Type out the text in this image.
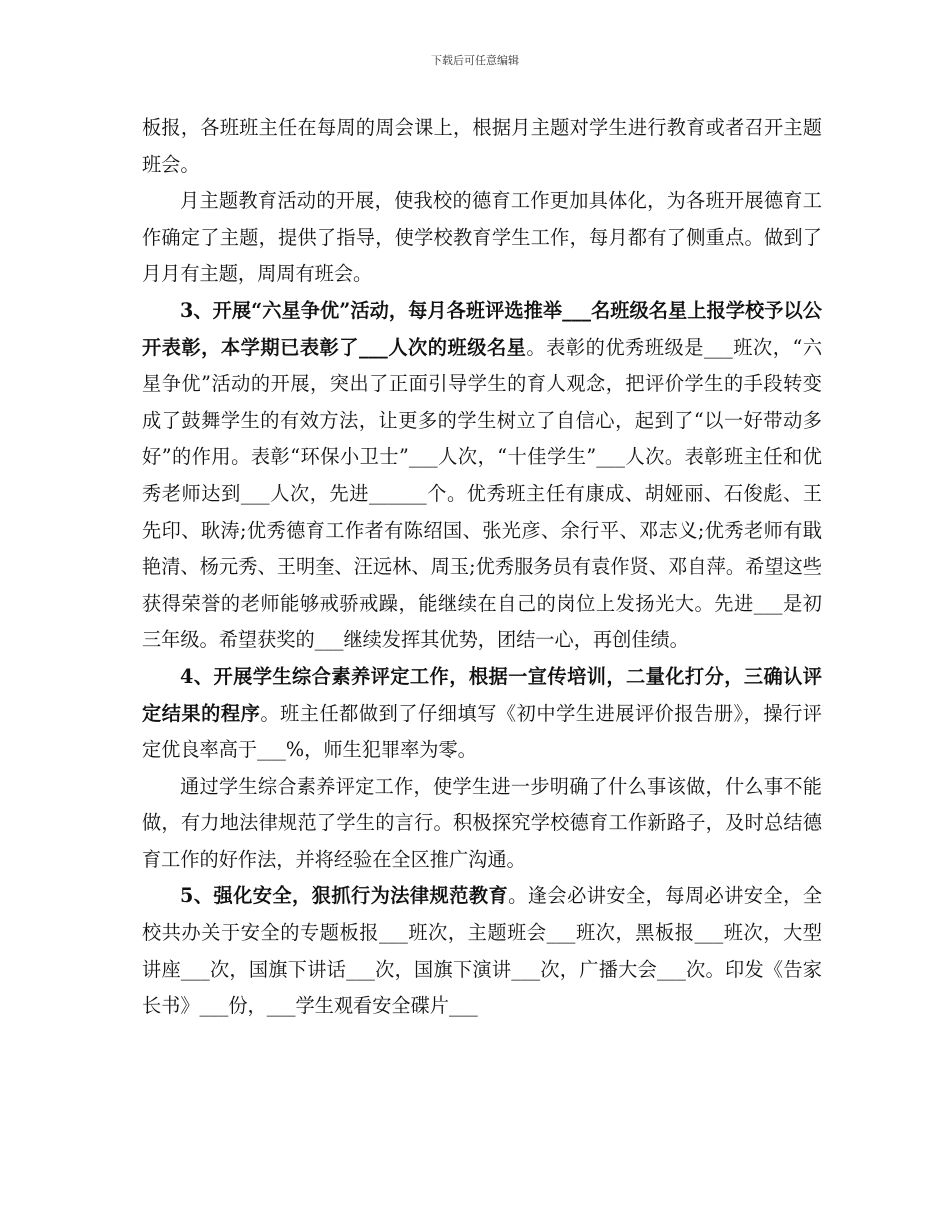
下载后可任意编辑

板报，各班班主任在每周的周会课上，根据月主题对学生进行教育或者召开主题班会。

月主题教育活动的开展，使我校的德育工作更加具体化，为各班开展德育工作确定了主题，提供了指导，使学校教育学生工作，每月都有了侧重点。做到了月月有主题，周周有班会。

3、开展“六星争优”活动，每月各班评选推举___名班级名星上报学校予以公开表彰，本学期已表彰了___人次的班级名星。表彰的优秀班级是___班次，“六星争优”活动的开展，突出了正面引导学生的育人观念，把评价学生的手段转变成了鼓舞学生的有效方法，让更多的学生树立了自信心，起到了“以一好带动多好”的作用。表彰“环保小卫士”___人次，“十佳学生”___人次。表彰班主任和优秀老师达到___人次，先进______个。优秀班主任有康成、胡娅丽、石俊彪、王先印、耿涛;优秀德育工作者有陈绍国、张光彦、余行平、邓志义;优秀老师有戢艳清、杨元秀、王明奎、汪远林、周玉;优秀服务员有袁作贤、邓自萍。希望这些获得荣誉的老师能够戒骄戒躁，能继续在自己的岗位上发扬光大。先进___是初三年级。希望获奖的___继续发挥其优势，团结一心，再创佳绩。

4、开展学生综合素养评定工作，根据一宣传培训，二量化打分，三确认评定结果的程序。班主任都做到了仔细填写《初中学生进展评价报告册》，操行评定优良率高于___%，师生犯罪率为零。

通过学生综合素养评定工作，使学生进一步明确了什么事该做，什么事不能做，有力地法律规范了学生的言行。积极探究学校德育工作新路子，及时总结德育工作的好作法，并将经验在全区推广沟通。

5、强化安全，狠抓行为法律规范教育。逢会必讲安全，每周必讲安全，全校共办关于安全的专题板报___班次，主题班会___班次，黑板报___班次，大型讲座___次，国旗下讲话___次，国旗下演讲___次，广播大会___次。印发《告家长书》___份，___学生观看安全碟片___
